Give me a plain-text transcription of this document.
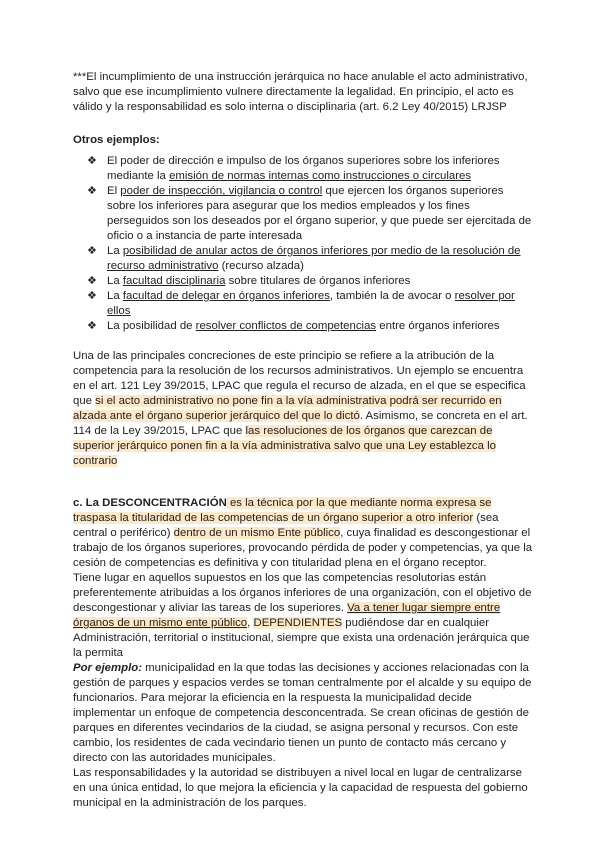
***El incumplimiento de una instrucción jerárquica no hace anulable el acto administrativo, salvo que ese incumplimiento vulnere directamente la legalidad. En principio, el acto es válido y la responsabilidad es solo interna o disciplinaria (art. 6.2 Ley 40/2015) LRJSP

Otros ejemplos:

❖ El poder de dirección e impulso de los órganos superiores sobre los inferiores mediante la emisión de normas internas como instrucciones o circulares
❖ El poder de inspección, vigilancia o control que ejercen los órganos superiores sobre los inferiores para asegurar que los medios empleados y los fines perseguidos son los deseados por el órgano superior, y que puede ser ejercitada de oficio o a instancia de parte interesada
❖ La posibilidad de anular actos de órganos inferiores por medio de la resolución de recurso administrativo (recurso alzada)
❖ La facultad disciplinaria sobre titulares de órganos inferiores
❖ La facultad de delegar en órganos inferiores, también la de avocar o resolver por ellos
❖ La posibilidad de resolver conflictos de competencias entre órganos inferiores

Una de las principales concreciones de este principio se refiere a la atribución de la competencia para la resolución de los recursos administrativos. Un ejemplo se encuentra en el art. 121 Ley 39/2015, LPAC que regula el recurso de alzada, en el que se especifica que si el acto administrativo no pone fin a la vía administrativa podrá ser recurrido en alzada ante el órgano superior jerárquico del que lo dictó. Asimismo, se concreta en el art. 114 de la Ley 39/2015, LPAC que las resoluciones de los órganos que carezcan de superior jerárquico ponen fin a la vía administrativa salvo que una Ley establezca lo contrario

c. La DESCONCENTRACIÓN es la técnica por la que mediante norma expresa se traspasa la titularidad de las competencias de un órgano superior a otro inferior (sea central o periférico) dentro de un mismo Ente público, cuya finalidad es descongestionar el trabajo de los órganos superiores, provocando pérdida de poder y competencias, ya que la cesión de competencias es definitiva y con titularidad plena en el órgano receptor.

Tiene lugar en aquellos supuestos en los que las competencias resolutorias están preferentemente atribuidas a los órganos inferiores de una organización, con el objetivo de descongestionar y aliviar las tareas de los superiores. Va a tener lugar siempre entre órganos de un mismo ente público, DEPENDIENTES pudiéndose dar en cualquier Administración, territorial o institucional, siempre que exista una ordenación jerárquica que la permita

Por ejemplo: municipalidad en la que todas las decisiones y acciones relacionadas con la gestión de parques y espacios verdes se toman centralmente por el alcalde y su equipo de funcionarios. Para mejorar la eficiencia en la respuesta la municipalidad decide implementar un enfoque de competencia desconcentrada. Se crean oficinas de gestión de parques en diferentes vecindarios de la ciudad, se asigna personal y recursos. Con este cambio, los residentes de cada vecindario tienen un punto de contacto más cercano y directo con las autoridades municipales.

Las responsabilidades y la autoridad se distribuyen a nivel local en lugar de centralizarse en una única entidad, lo que mejora la eficiencia y la capacidad de respuesta del gobierno municipal en la administración de los parques.
